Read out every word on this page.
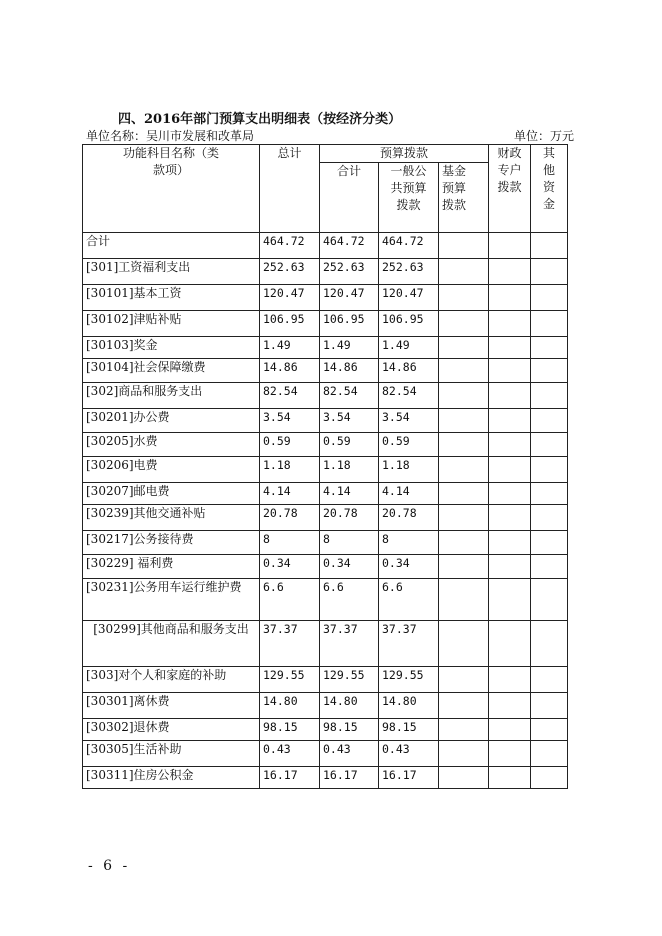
四、2016年部门预算支出明细表（按经济分类）
单位名称：吴川市发展和改革局	单位：万元
功能科目名称（类款项）	总计	预算拨款			财政专户拨款	其他资金
		合计	一般公共预算拨款	基金预算拨款		
合计	464.72	464.72	464.72			
[301]工资福利支出	252.63	252.63	252.63			
[30101]基本工资	120.47	120.47	120.47			
[30102]津贴补贴	106.95	106.95	106.95			
[30103]奖金	1.49	1.49	1.49			
[30104]社会保障缴费	14.86	14.86	14.86			
[302]商品和服务支出	82.54	82.54	82.54			
[30201]办公费	3.54	3.54	3.54			
[30205]水费	0.59	0.59	0.59			
[30206]电费	1.18	1.18	1.18			
[30207]邮电费	4.14	4.14	4.14			
[30239]其他交通补贴	20.78	20.78	20.78			
[30217]公务接待费	8	8	8			
[30229] 福利费	0.34	0.34	0.34			
[30231]公务用车运行维护费	6.6	6.6	6.6			
[30299]其他商品和服务支出	37.37	37.37	37.37			
[303]对个人和家庭的补助	129.55	129.55	129.55			
[30301]离休费	14.80	14.80	14.80			
[30302]退休费	98.15	98.15	98.15			
[30305]生活补助	0.43	0.43	0.43			
[30311]住房公积金	16.17	16.17	16.17			
- 6 -
